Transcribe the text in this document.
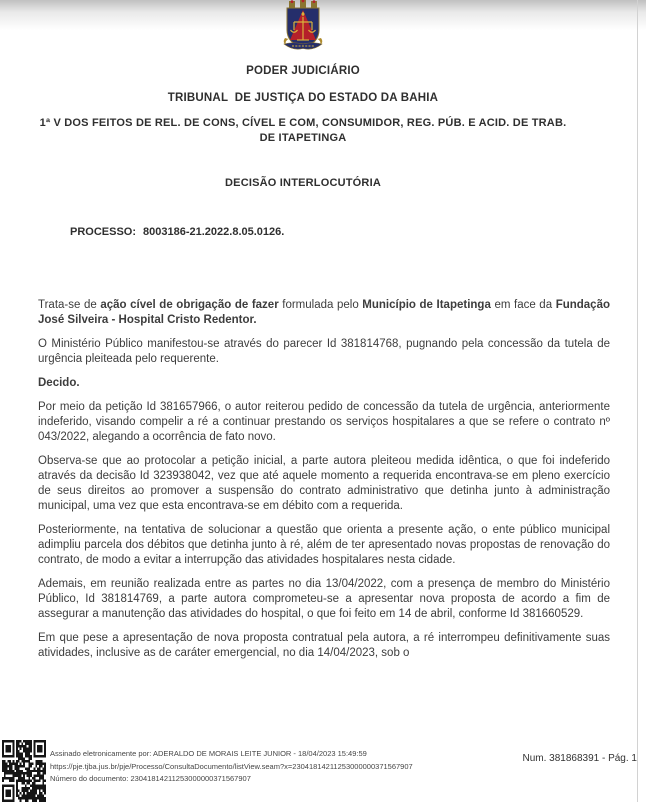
PODER JUDICIÁRIO
TRIBUNAL  DE JUSTIÇA DO ESTADO DA BAHIA
1ª V DOS FEITOS DE REL. DE CONS, CÍVEL E COM, CONSUMIDOR, REG. PÚB. E ACID. DE TRAB. DE ITAPETINGA
DECISÃO INTERLOCUTÓRIA
PROCESSO: 8003186-21.2022.8.05.0126.

Trata-se de ação cível de obrigação de fazer formulada pelo Município de Itapetinga em face da Fundação José Silveira - Hospital Cristo Redentor.

O Ministério Público manifestou-se através do parecer Id 381814768, pugnando pela concessão da tutela de urgência pleiteada pelo requerente.

Decido.

Por meio da petição Id 381657966, o autor reiterou pedido de concessão da tutela de urgência, anteriormente indeferido, visando compelir a ré a continuar prestando os serviços hospitalares a que se refere o contrato nº 043/2022, alegando a ocorrência de fato novo.

Observa-se que ao protocolar a petição inicial, a parte autora pleiteou medida idêntica, o que foi indeferido através da decisão Id 323938042, vez que até aquele momento a requerida encontrava-se em pleno exercício de seus direitos ao promover a suspensão do contrato administrativo que detinha junto à administração municipal, uma vez que esta encontrava-se em débito com a requerida.

Posteriormente, na tentativa de solucionar a questão que orienta a presente ação, o ente público municipal adimpliu parcela dos débitos que detinha junto à ré, além de ter apresentado novas propostas de renovação do contrato, de modo a evitar a interrupção das atividades hospitalares nesta cidade.

Ademais, em reunião realizada entre as partes no dia 13/04/2022, com a presença de membro do Ministério Público, Id 381814769, a parte autora comprometeu-se a apresentar nova proposta de acordo a fim de assegurar a manutenção das atividades do hospital, o que foi feito em 14 de abril, conforme Id 381660529.

Em que pese a apresentação de nova proposta contratual pela autora, a ré interrompeu definitivamente suas atividades, inclusive as de caráter emergencial, no dia 14/04/2023, sob o

Assinado eletronicamente por: ADERALDO DE MORAIS LEITE JUNIOR - 18/04/2023 15:49:59
https://pje.tjba.jus.br/pje/Processo/ConsultaDocumento/listView.seam?x=23041814211253000000371567907
Número do documento: 23041814211253000000371567907
Num. 381868391 - Pág. 1
